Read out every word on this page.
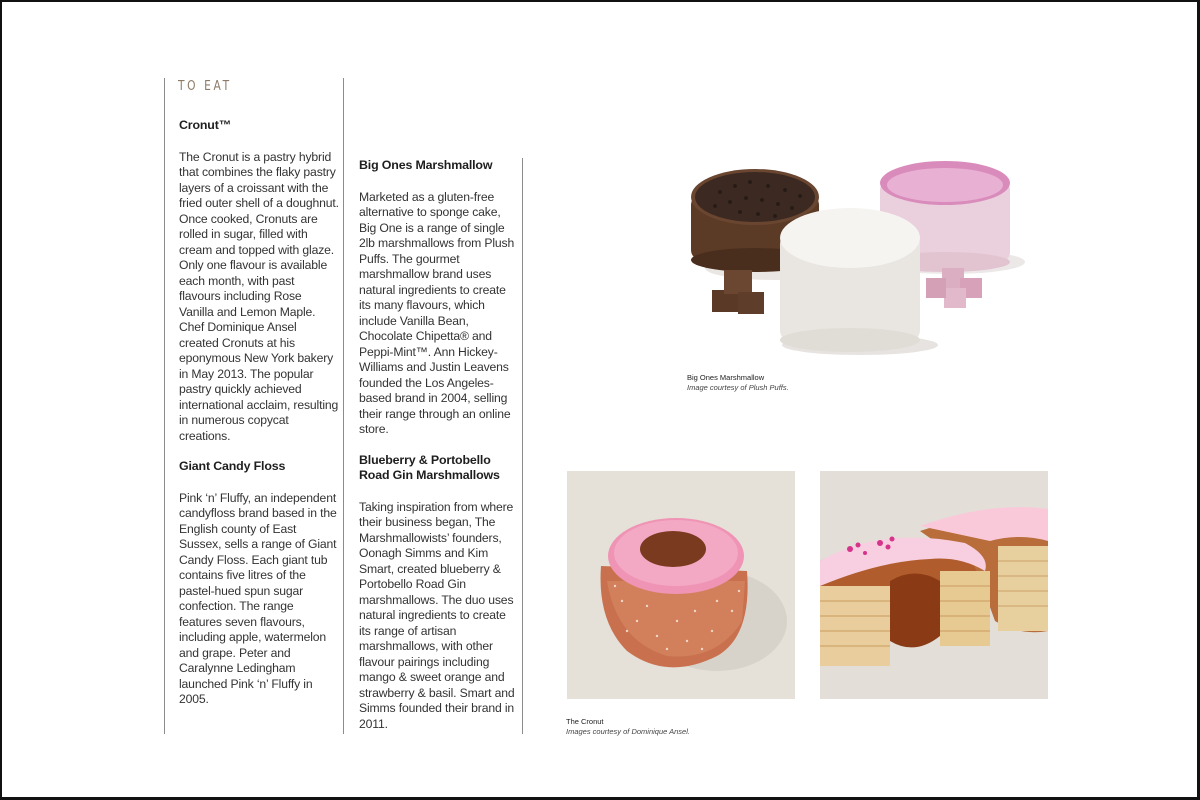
TO EAT
Cronut™
The Cronut is a pastry hybrid that combines the flaky pastry layers of a croissant with the fried outer shell of a doughnut. Once cooked, Cronuts are rolled in sugar, filled with cream and topped with glaze. Only one flavour is available each month, with past flavours including Rose Vanilla and Lemon Maple. Chef Dominique Ansel created Cronuts at his eponymous New York bakery in May 2013. The popular pastry quickly achieved international acclaim, resulting in numerous copycat creations.
Giant Candy Floss
Pink ‘n’ Fluffy, an independent candyfloss brand based in the English county of East Sussex, sells a range of Giant Candy Floss. Each giant tub contains five litres of the pastel-hued spun sugar confection. The range features seven flavours, including apple, watermelon and grape. Peter and Caralynne Ledingham launched Pink ‘n’ Fluffy in 2005.
Big Ones Marshmallow
Marketed as a gluten-free alternative to sponge cake, Big One is a range of single 2lb marshmallows from Plush Puffs. The gourmet marshmallow brand uses natural ingredients to create its many flavours, which include Vanilla Bean, Chocolate Chipetta® and Peppi-Mint™. Ann Hickey-Williams and Justin Leavens founded the Los Angeles-based brand in 2004, selling their range through an online store.
Blueberry & Portobello Road Gin Marshmallows
Taking inspiration from where their business began, The Marshmallowists’ founders, Oonagh Simms and Kim Smart, created blueberry & Portobello Road Gin marshmallows. The duo uses natural ingredients to create its range of artisan marshmallows, with other flavour pairings including mango & sweet orange and strawberry & basil. Smart and Simms founded their brand in 2011.
Big Ones Marshmallow
Image courtesy of Plush Puffs.
The Cronut
Images courtesy of Dominique Ansel.
